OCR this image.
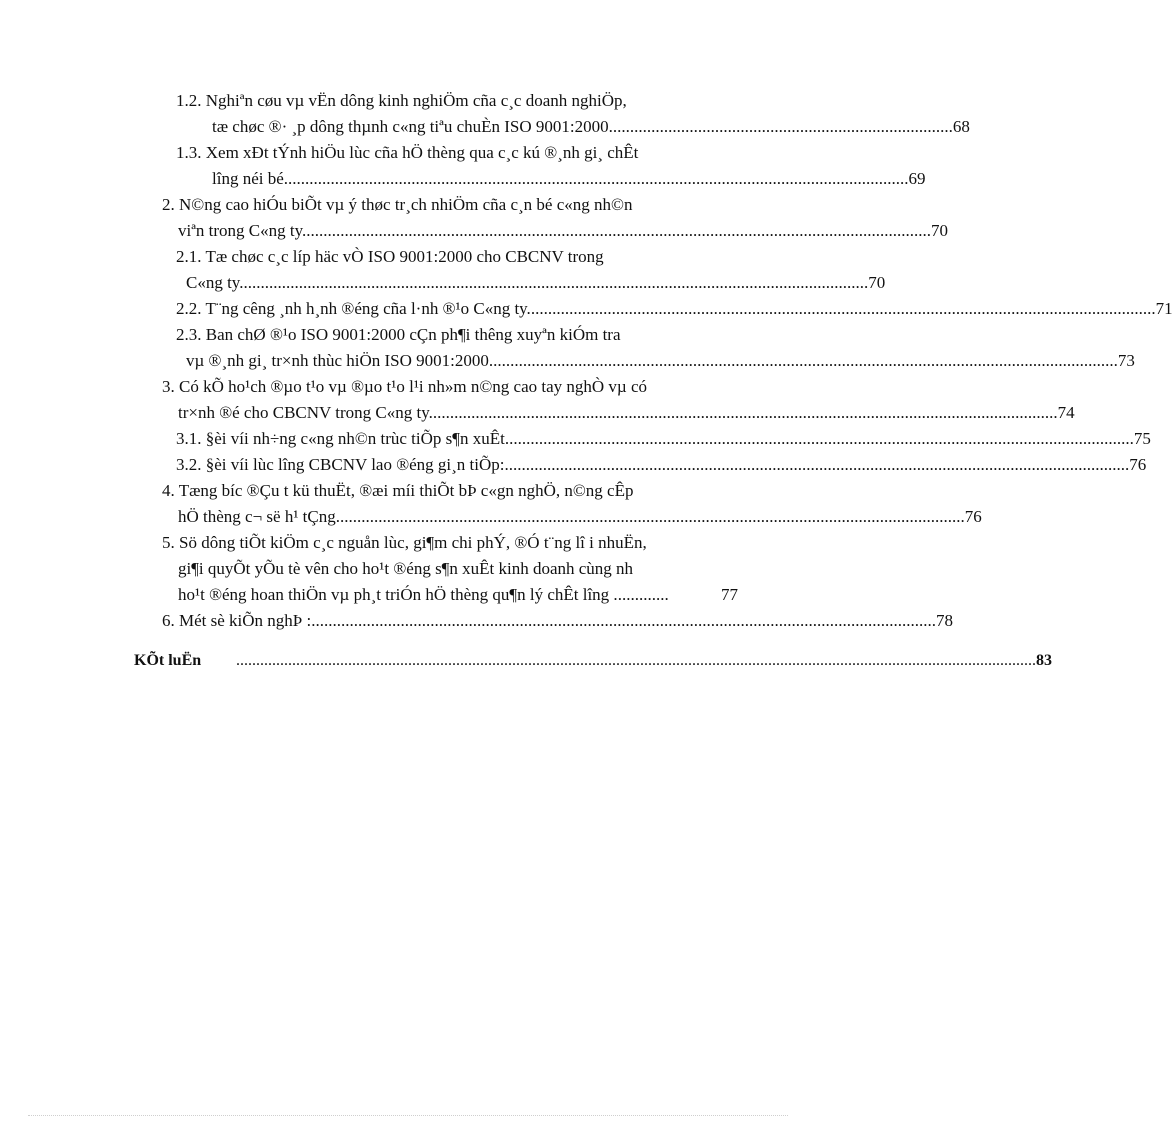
1.2. Nghiªn cøu vµ vËn dông kinh nghiÖm cña c¸c doanh nghiÖp,
tæ chøc ®· ¸p dông thµnh c«ng tiªu chuÈn ISO 9001:2000. ................................................................................ 68
1.3. Xem xÐt tÝnh hiÖu lùc cña hÖ thèng qua c¸c kú ®¸nh gi¸ chÊt
lîng néi bé ................................................................................................................................................... 69
2. N©ng cao hiÓu biÕt vµ ý thøc tr¸ch nhiÖm cña c¸n bé c«ng nh©n
viªn trong C«ng ty. ................................................................................................................................................... 70
2.1. Tæ chøc c¸c líp häc vÒ ISO 9001:2000 cho CBCNV trong
C«ng ty. ................................................................................................................................................... 70
2.2. T¨ng cêng ¸nh h¸nh ®éng cña l·nh ®¹o C«ng ty. ................................................................................................................................................... 71
2.3. Ban chØ ®¹o ISO 9001:2000 cÇn ph¶i thêng xuyªn kiÓm tra
vµ ®¸nh gi¸ tr×nh thùc hiÖn ISO 9001:2000. ................................................................................................................................................... 73
3. Có kÕ ho¹ch ®µo t¹o vµ ®µo t¹o l¹i nh»m n©ng cao tay nghÒ vµ có
tr×nh ®é cho CBCNV trong C«ng ty. ................................................................................................................................................... 74
3.1. §èi víi nh÷ng c«ng nh©n trùc tiÕp s¶n xuÊt. ................................................................................................................................................... 75
3.2. §èi víi lùc lîng CBCNV lao ®éng gi¸n tiÕp: ................................................................................................................................................... 76
4. Tæng bíc ®Çu t kü thuËt, ®æi míi thiÕt bÞ c«gn nghÖ, n©ng cÊp
hÖ thèng c¬ së h¹ tÇng. ................................................................................................................................................... 76
5. Sö dông tiÕt kiÖm c¸c nguån lùc, gi¶m chi phÝ, ®Ó t¨ng lî i nhuËn,
gi¶i quyÕt yÕu tè vên cho ho¹t ®éng s¶n xuÊt kinh doanh cùng nh
ho¹t ®éng hoan thiÖn vµ ph¸t triÓn hÖ thèng qu¶n lý chÊt lîng . ............	77
6. Mét sè kiÕn nghÞ : ................................................................................................................................................... 78
KÕt luËn	........................................................................................................................................................................................................ 83
